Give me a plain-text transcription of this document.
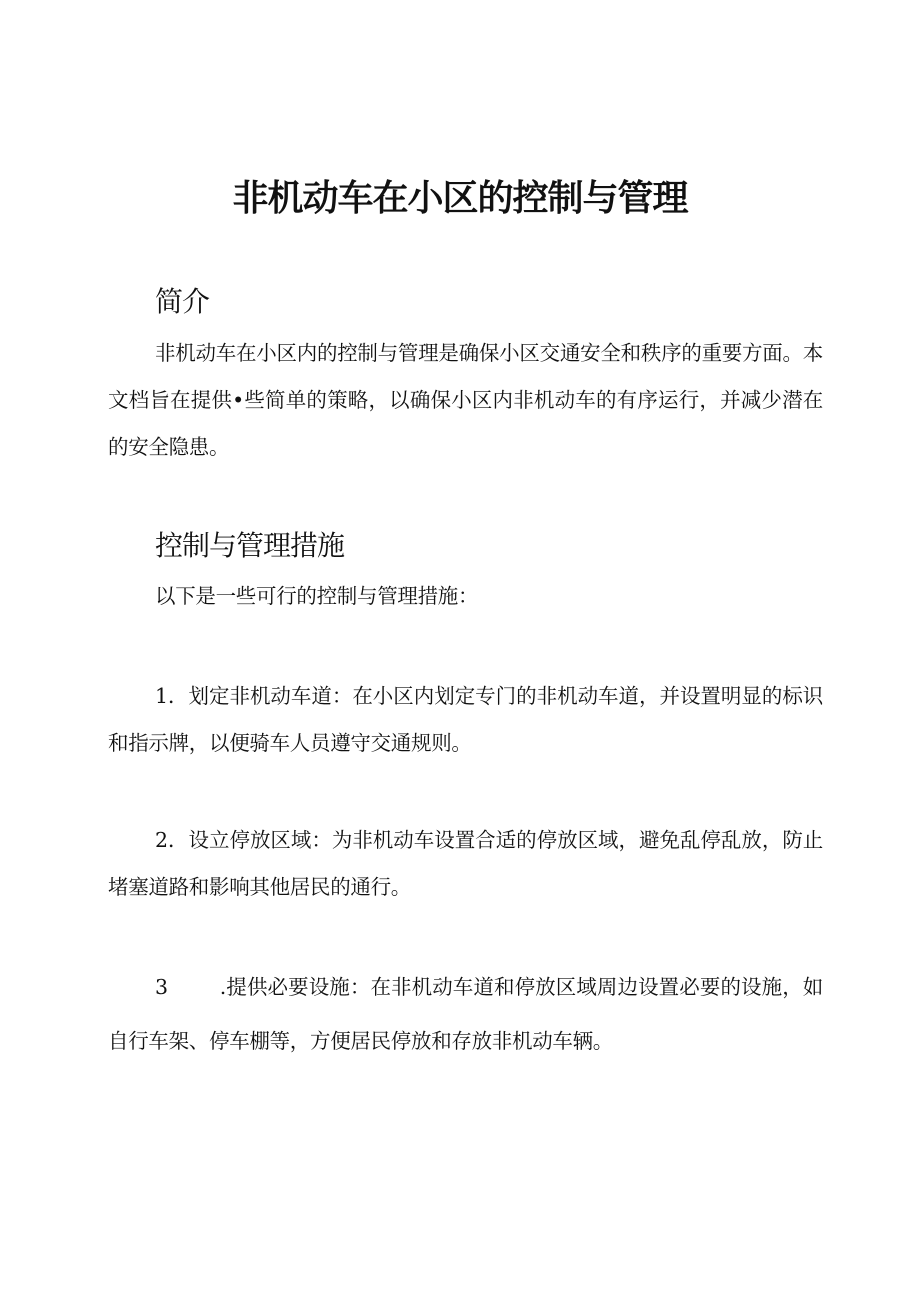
非机动车在小区的控制与管理
简介

非机动车在小区内的控制与管理是确保小区交通安全和秩序的重要方面。本文档旨在提供•些简单的策略，以确保小区内非机动车的有序运行，并减少潜在的安全隐患。

控制与管理措施

以下是一些可行的控制与管理措施：

1．划定非机动车道：在小区内划定专门的非机动车道，并设置明显的标识和指示牌，以便骑车人员遵守交通规则。

2．设立停放区域：为非机动车设置合适的停放区域，避免乱停乱放，防止堵塞道路和影响其他居民的通行。

3	.提供必要设施：在非机动车道和停放区域周边设置必要的设施，如自行车架、停车棚等，方便居民停放和存放非机动车辆。
